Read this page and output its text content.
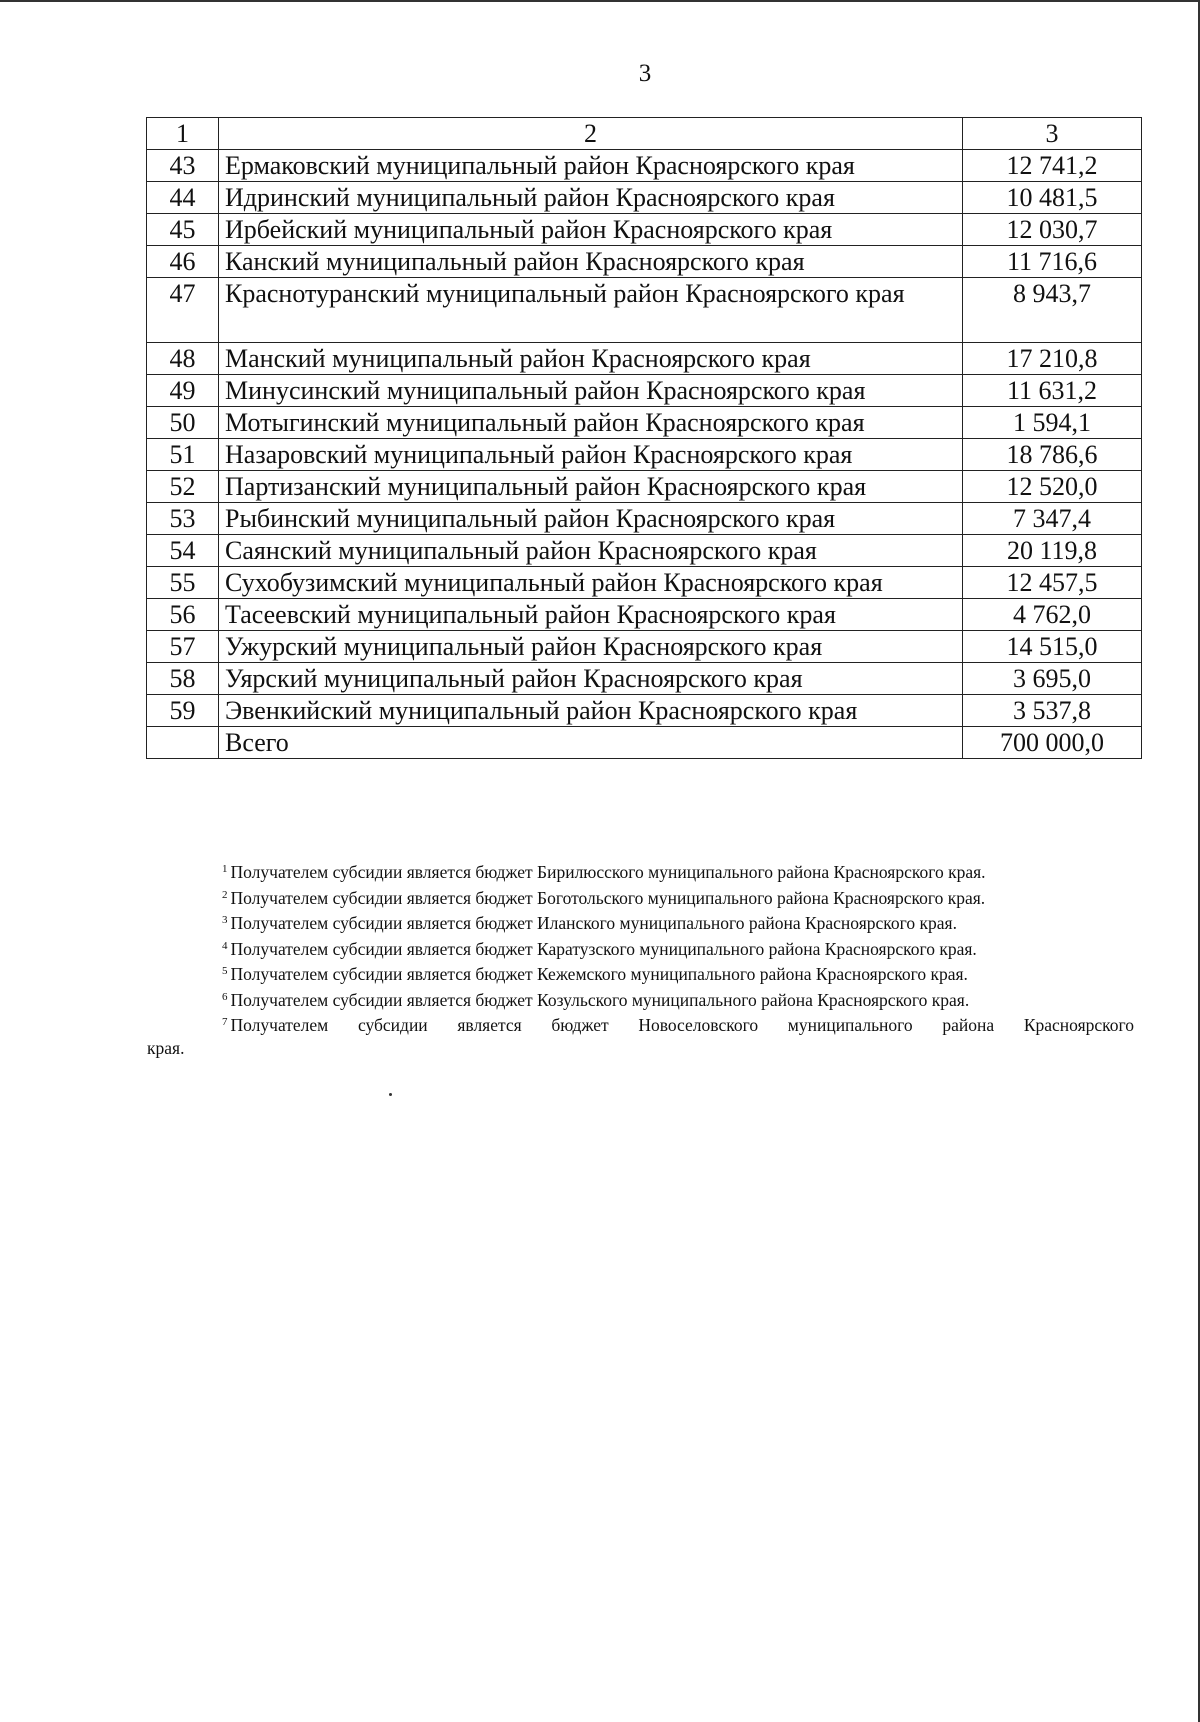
3
1	2	3
43	Ермаковский муниципальный район Красноярского края	12 741,2
44	Идринский муниципальный район Красноярского края	10 481,5
45	Ирбейский муниципальный район Красноярского края	12 030,7
46	Канский муниципальный район Красноярского края	11 716,6
47	Краснотуранский муниципальный район Красноярского края	8 943,7
48	Манский муниципальный район Красноярского края	17 210,8
49	Минусинский муниципальный район Красноярского края	11 631,2
50	Мотыгинский муниципальный район Красноярского края	1 594,1
51	Назаровский муниципальный район Красноярского края	18 786,6
52	Партизанский муниципальный район Красноярского края	12 520,0
53	Рыбинский муниципальный район Красноярского края	7 347,4
54	Саянский муниципальный район Красноярского края	20 119,8
55	Сухобузимский муниципальный район Красноярского края	12 457,5
56	Тасеевский муниципальный район Красноярского края	4 762,0
57	Ужурский муниципальный район Красноярского края	14 515,0
58	Уярский муниципальный район Красноярского края	3 695,0
59	Эвенкийский муниципальный район Красноярского края	3 537,8
	Всего	700 000,0
$^1$ Получателем субсидии является бюджет Бирилюсского муниципального района Красноярского края.
$^2$ Получателем субсидии является бюджет Боготольского муниципального района Красноярского края.
$^3$ Получателем субсидии является бюджет Иланского муниципального района Красноярского края.
$^4$ Получателем субсидии является бюджет Каратузского муниципального района Красноярского края.
$^5$ Получателем субсидии является бюджет Кежемского муниципального района Красноярского края.
$^6$ Получателем субсидии является бюджет Козульского муниципального района Красноярского края.
$^7$ Получателем субсидии является бюджет Новоселовского муниципального района Красноярского
края.
